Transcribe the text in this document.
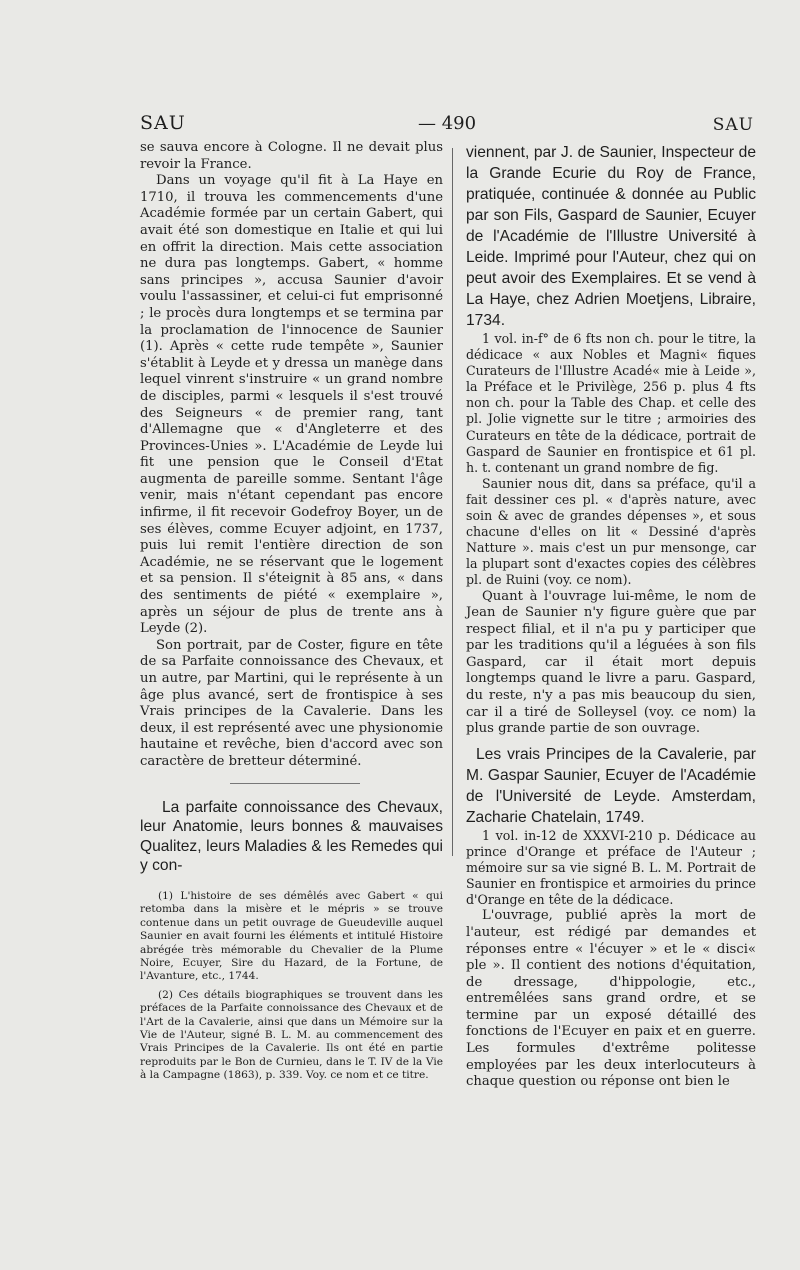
SAU	— 490	SAU

se sauva encore à Cologne. Il ne devait plus revoir la France.

Dans un voyage qu'il fit à La Haye en 1710, il trouva les commencements d'une Académie formée par un certain Gabert, qui avait été son domestique en Italie et qui lui en offrit la direction. Mais cette association ne dura pas longtemps. Gabert, « homme sans principes », accusa Saunier d'avoir voulu l'assassiner, et celui-ci fut emprisonné ; le procès dura longtemps et se termina par la proclamation de l'innocence de Saunier (1). Après « cette rude tempête », Saunier s'établit à Leyde et y dressa un manège dans lequel vinrent s'instruire « un grand nombre de disciples, parmi « lesquels il s'est trouvé des Seigneurs « de premier rang, tant d'Allemagne que « d'Angleterre et des Provinces-Unies ». L'Académie de Leyde lui fit une pension que le Conseil d'Etat augmenta de pareille somme. Sentant l'âge venir, mais n'étant cependant pas encore infirme, il fit recevoir Godefroy Boyer, un de ses élèves, comme Ecuyer adjoint, en 1737, puis lui remit l'entière direction de son Académie, ne se réservant que le logement et sa pension. Il s'éteignit à 85 ans, « dans des sentiments de piété « exemplaire », après un séjour de plus de trente ans à Leyde (2).

Son portrait, par de Coster, figure en tête de sa Parfaite connoissance des Chevaux, et un autre, par Martini, qui le représente à un âge plus avancé, sert de frontispice à ses Vrais principes de la Cavalerie. Dans les deux, il est représenté avec une physionomie hautaine et revêche, bien d'accord avec son caractère de bretteur déterminé.

La parfaite connoissance des Chevaux, leur Anatomie, leurs bonnes & mauvaises Qualitez, leurs Maladies & les Remedes qui y con-

(1) L'histoire de ses démêlés avec Gabert « qui retomba dans la misère et le mépris » se trouve contenue dans un petit ouvrage de Gueudeville auquel Saunier en avait fourni les éléments et intitulé Histoire abrégée très mémorable du Chevalier de la Plume Noire, Ecuyer, Sire du Hazard, de la Fortune, de l'Avanture, etc., 1744.

(2) Ces détails biographiques se trouvent dans les préfaces de la Parfaite connoissance des Chevaux et de l'Art de la Cavalerie, ainsi que dans un Mémoire sur la Vie de l'Auteur, signé B. L. M. au commencement des Vrais Principes de la Cavalerie. Ils ont été en partie reproduits par le Bon de Curnieu, dans le T. IV de la Vie à la Campagne (1863), p. 339. Voy. ce nom et ce titre.

viennent, par J. de Saunier, Inspecteur de la Grande Ecurie du Roy de France, pratiquée, continuée & donnée au Public par son Fils, Gaspard de Saunier, Ecuyer de l'Académie de l'Illustre Université à Leide. Imprimé pour l'Auteur, chez qui on peut avoir des Exemplaires. Et se vend à La Haye, chez Adrien Moetjens, Libraire, 1734.

1 vol. in-f° de 6 fts non ch. pour le titre, la dédicace « aux Nobles et Magni« fiques Curateurs de l'Illustre Acadé« mie à Leide », la Préface et le Privilège, 256 p. plus 4 fts non ch. pour la Table des Chap. et celle des pl. Jolie vignette sur le titre ; armoiries des Curateurs en tête de la dédicace, portrait de Gaspard de Saunier en frontispice et 61 pl. h. t. contenant un grand nombre de fig.

Saunier nous dit, dans sa préface, qu'il a fait dessiner ces pl. « d'après nature, avec soin & avec de grandes dépenses », et sous chacune d'elles on lit « Dessiné d'après Natture ». mais c'est un pur mensonge, car la plupart sont d'exactes copies des célèbres pl. de Ruini (voy. ce nom).

Quant à l'ouvrage lui-même, le nom de Jean de Saunier n'y figure guère que par respect filial, et il n'a pu y participer que par les traditions qu'il a léguées à son fils Gaspard, car il était mort depuis longtemps quand le livre a paru. Gaspard, du reste, n'y a pas mis beaucoup du sien, car il a tiré de Solleysel (voy. ce nom) la plus grande partie de son ouvrage.

Les vrais Principes de la Cavalerie, par M. Gaspar Saunier, Ecuyer de l'Académie de l'Université de Leyde. Amsterdam, Zacharie Chatelain, 1749.

1 vol. in-12 de XXXVI-210 p. Dédicace au prince d'Orange et préface de l'Auteur ; mémoire sur sa vie signé B. L. M. Portrait de Saunier en frontispice et armoiries du prince d'Orange en tête de la dédicace.

L'ouvrage, publié après la mort de l'auteur, est rédigé par demandes et réponses entre « l'écuyer » et le « disci« ple ». Il contient des notions d'équitation, de dressage, d'hippologie, etc., entremêlées sans grand ordre, et se termine par un exposé détaillé des fonctions de l'Ecuyer en paix et en guerre. Les formules d'extrême politesse employées par les deux interlocuteurs à chaque question ou réponse ont bien le
